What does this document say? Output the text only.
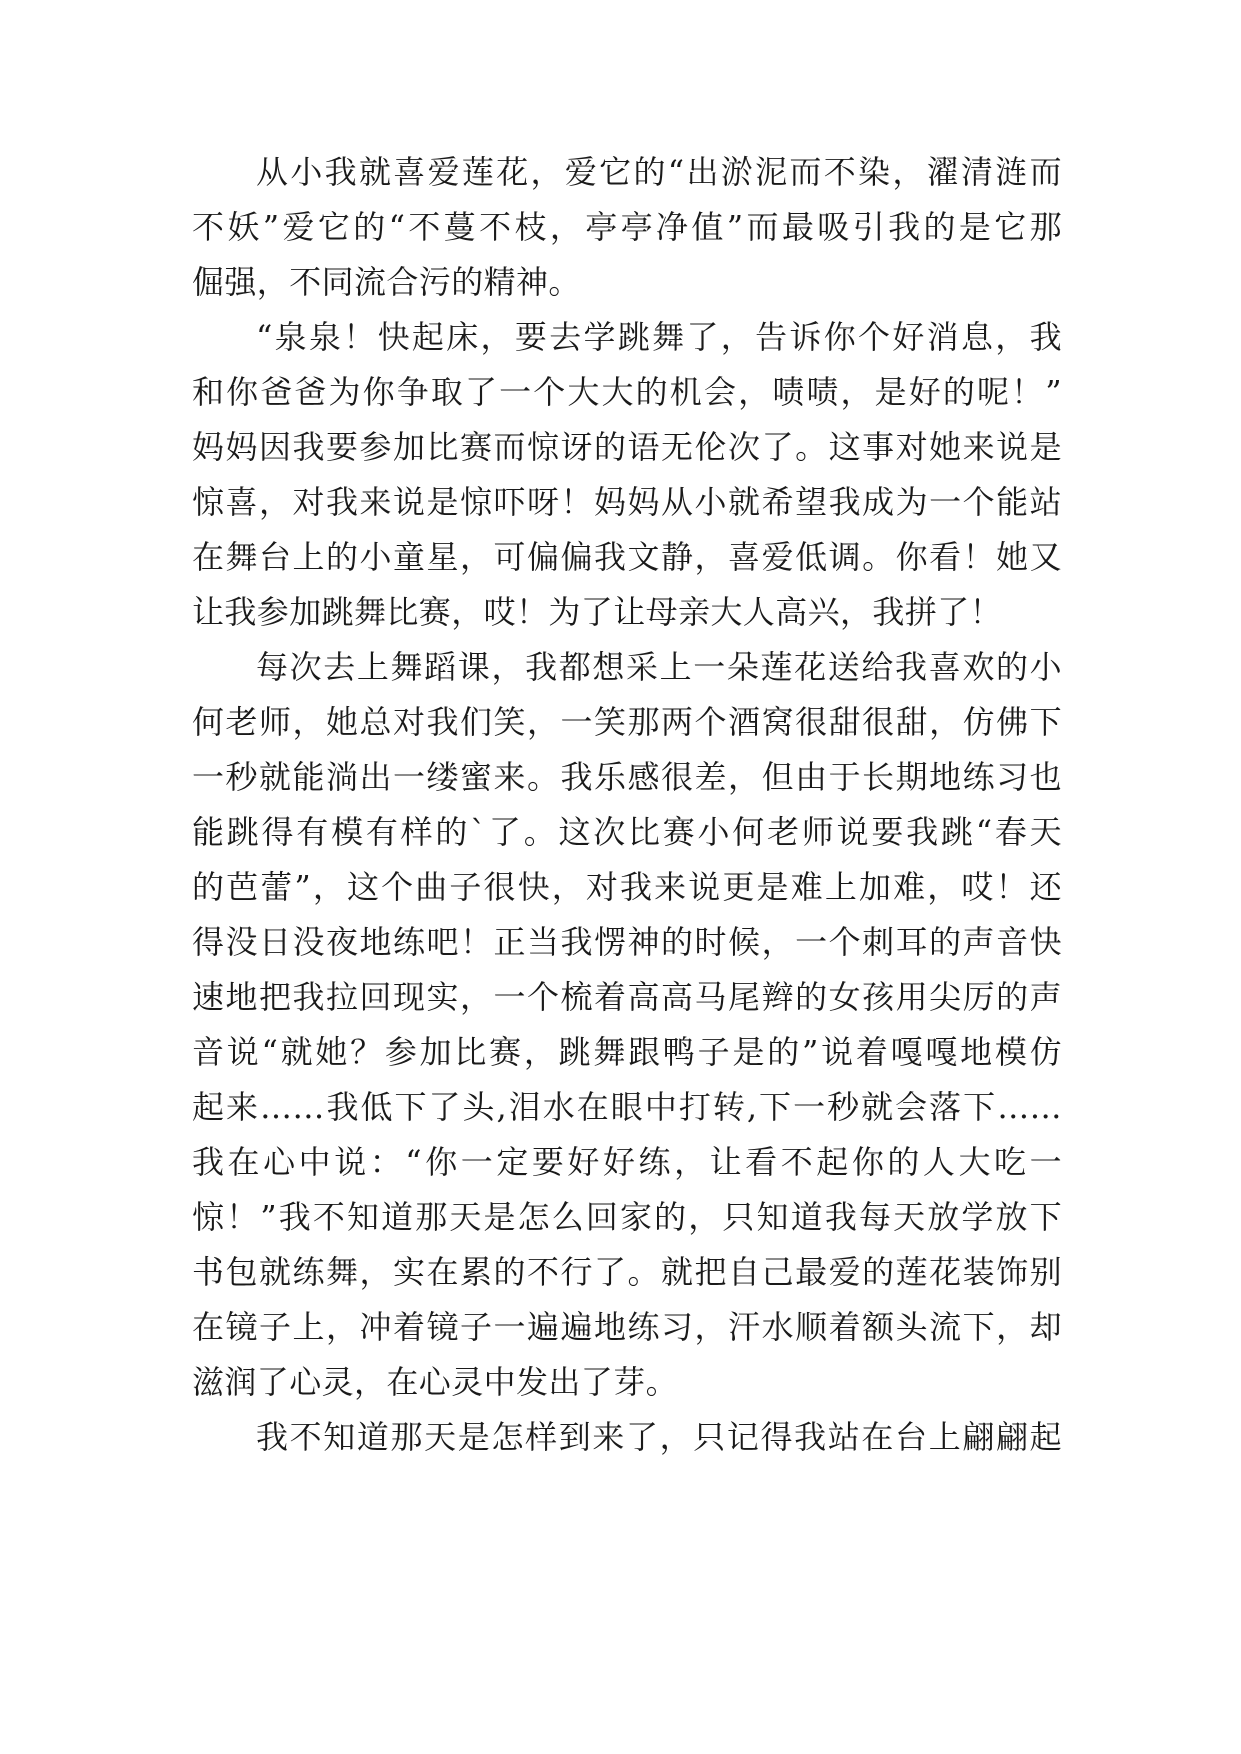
从小我就喜爱莲花，爱它的“出淤泥而不染，濯清涟而
不妖”爱它的“不蔓不枝，亭亭净值”而最吸引我的是它那
倔强，不同流合污的精神。
“泉泉！快起床，要去学跳舞了，告诉你个好消息，我
和你爸爸为你争取了一个大大的机会，啧啧，是好的呢！”
妈妈因我要参加比赛而惊讶的语无伦次了。这事对她来说是
惊喜，对我来说是惊吓呀！妈妈从小就希望我成为一个能站
在舞台上的小童星，可偏偏我文静，喜爱低调。你看！她又
让我参加跳舞比赛，哎！为了让母亲大人高兴，我拼了！
每次去上舞蹈课，我都想采上一朵莲花送给我喜欢的小
何老师，她总对我们笑，一笑那两个酒窝很甜很甜，仿佛下
一秒就能淌出一缕蜜来。我乐感很差，但由于长期地练习也
能跳得有模有样的`了。这次比赛小何老师说要我跳“春天
的芭蕾”，这个曲子很快，对我来说更是难上加难，哎！还
得没日没夜地练吧！正当我愣神的时候，一个刺耳的声音快
速地把我拉回现实，一个梳着高高马尾辫的女孩用尖厉的声
音说“就她？参加比赛，跳舞跟鸭子是的”说着嘎嘎地模仿
起来……我低下了头,泪水在眼中打转,下一秒就会落下……
我在心中说：“你一定要好好练，让看不起你的人大吃一
惊！”我不知道那天是怎么回家的，只知道我每天放学放下
书包就练舞，实在累的不行了。就把自己最爱的莲花装饰别
在镜子上，冲着镜子一遍遍地练习，汗水顺着额头流下，却
滋润了心灵，在心灵中发出了芽。
我不知道那天是怎样到来了，只记得我站在台上翩翩起
